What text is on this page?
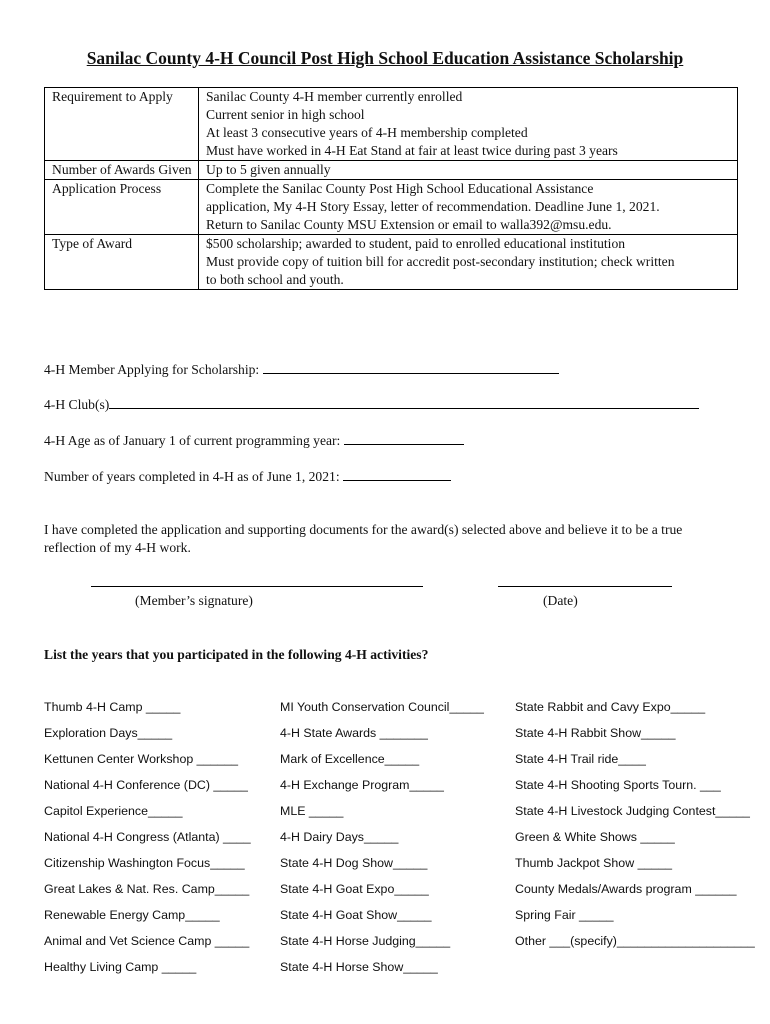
Sanilac County 4-H Council Post High School Education Assistance Scholarship
Requirement to Apply	Sanilac County 4-H member currently enrolled
Current senior in high school
At least 3 consecutive years of 4-H membership completed
Must have worked in 4-H Eat Stand at fair at least twice during past 3 years

Number of Awards Given	Up to 5 given annually

Application Process	Complete the Sanilac County Post High School Educational Assistance
application, My 4-H Story Essay, letter of recommendation. Deadline June 1, 2021.
Return to Sanilac County MSU Extension or email to walla392@msu.edu.

Type of Award	$500 scholarship; awarded to student, paid to enrolled educational institution
Must provide copy of tuition bill for accredit post-secondary institution; check written
to both school and youth.
4-H Member Applying for Scholarship:
4-H Club(s)
4-H Age as of January 1 of current programming year:
Number of years completed in 4-H as of June 1, 2021:
I have completed the application and supporting documents for the award(s) selected above and believe it to be a true reflection of my 4-H work.
(Member’s signature)	(Date)
List the years that you participated in the following 4-H activities?
Thumb 4-H Camp _____
Exploration Days_____
Kettunen Center Workshop ______
National 4-H Conference (DC) _____
Capitol Experience_____
National 4-H Congress (Atlanta) ____
Citizenship Washington Focus_____
Great Lakes & Nat. Res. Camp_____
Renewable Energy Camp_____
Animal and Vet Science Camp _____
Healthy Living Camp _____
MI Youth Conservation Council_____
4-H State Awards _______
Mark of Excellence_____
4-H Exchange Program_____
MLE _____
4-H Dairy Days_____
State 4-H Dog Show_____
State 4-H Goat Expo_____
State 4-H Goat Show_____
State 4-H Horse Judging_____
State 4-H Horse Show_____
State Rabbit and Cavy Expo_____
State 4-H Rabbit Show_____
State 4-H Trail ride____
State 4-H Shooting Sports Tourn. ___
State 4-H Livestock Judging Contest_____
Green & White Shows _____
Thumb Jackpot Show _____
County Medals/Awards program ______
Spring Fair _____
Other ___(specify)____________________
